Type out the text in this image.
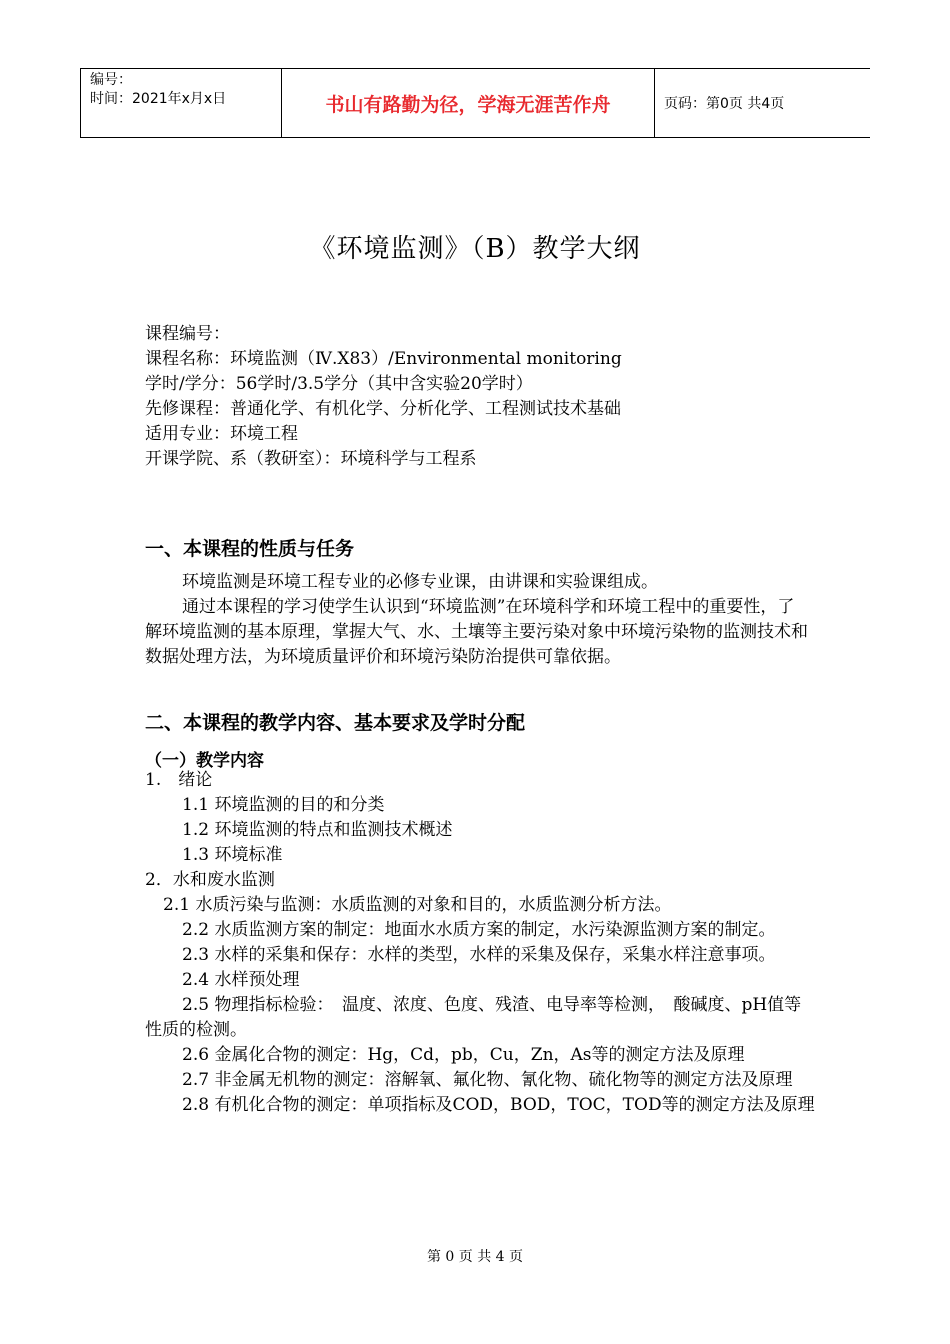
编号：
时间：2021年x月x日	书山有路勤为径，学海无涯苦作舟	页码：第0页 共4页
《环境监测》（B）教学大纲
课程编号：
课程名称：环境监测（Ⅳ.X83）/Environmental monitoring
学时/学分：56学时/3.5学分（其中含实验20学时）
先修课程：普通化学、有机化学、分析化学、工程测试技术基础
适用专业：环境工程
开课学院、系（教研室）：环境科学与工程系
一、本课程的性质与任务
环境监测是环境工程专业的必修专业课，由讲课和实验课组成。
通过本课程的学习使学生认识到“环境监测”在环境科学和环境工程中的重要性，了解环境监测的基本原理，掌握大气、水、土壤等主要污染对象中环境污染物的监测技术和数据处理方法，为环境质量评价和环境污染防治提供可靠依据。
二、本课程的教学内容、基本要求及学时分配
（一）教学内容
1.　绪论
1.1 环境监测的目的和分类
1.2 环境监测的特点和监测技术概述
1.3 环境标准
2．水和废水监测
2.1 水质污染与监测：水质监测的对象和目的，水质监测分析方法。
2.2 水质监测方案的制定：地面水水质方案的制定，水污染源监测方案的制定。
2.3 水样的采集和保存：水样的类型，水样的采集及保存，采集水样注意事项。
2.4 水样预处理
2.5 物理指标检验：　温度、浓度、色度、残渣、电导率等检测，　酸碱度、pH值等性质的检测。
2.6 金属化合物的测定：Hg，Cd，pb，Cu，Zn，As等的测定方法及原理
2.7 非金属无机物的测定：溶解氧、氟化物、氰化物、硫化物等的测定方法及原理
2.8 有机化合物的测定：单项指标及COD，BOD，TOC，TOD等的测定方法及原理
第 0 页 共 4 页
